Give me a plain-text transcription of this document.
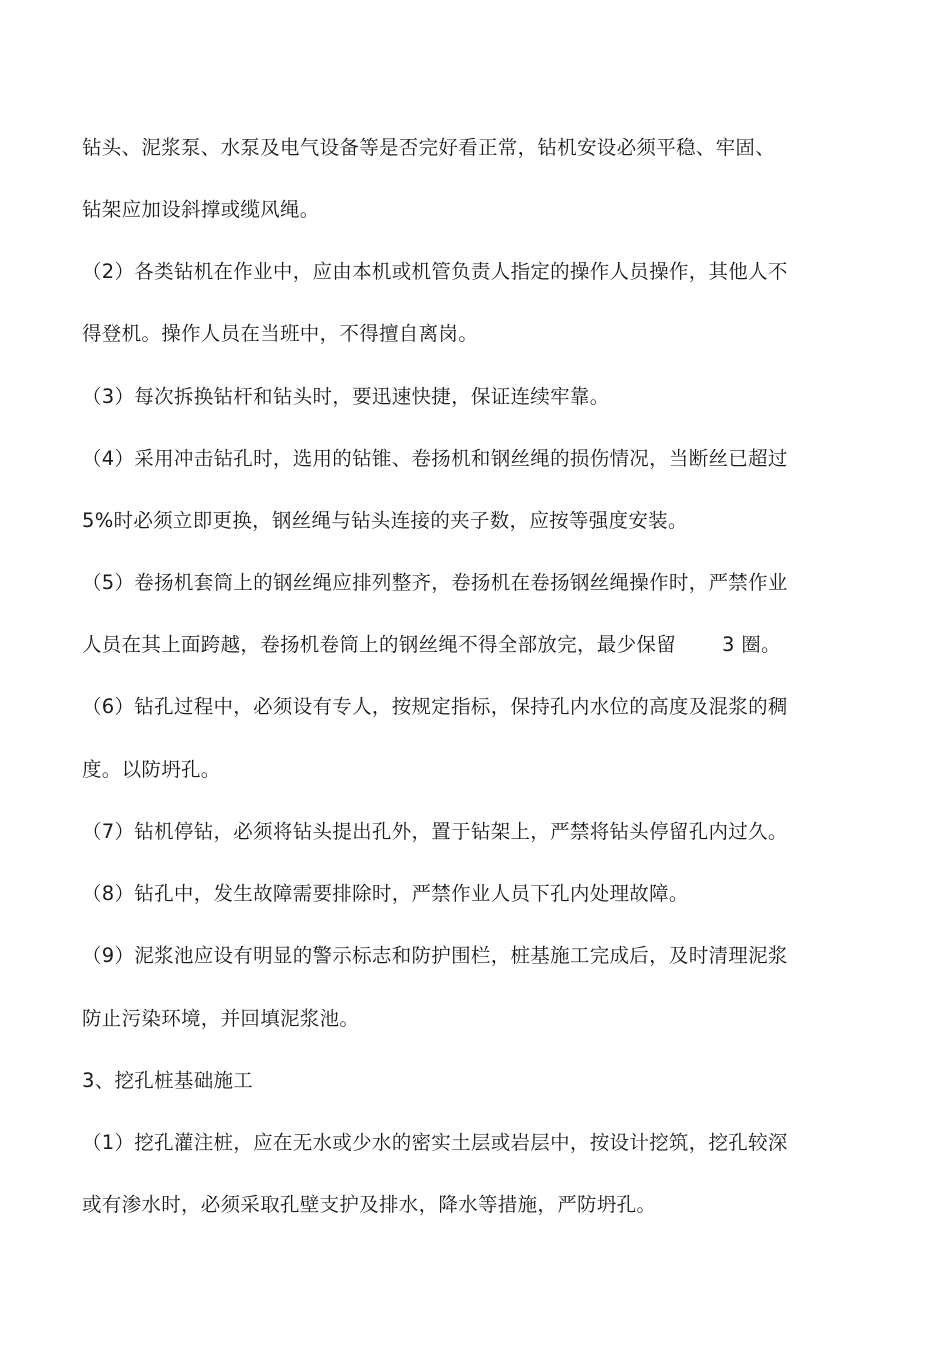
钻头、泥浆泵、水泵及电气设备等是否完好看正常，钻机安设必须平稳、牢固、
钻架应加设斜撑或缆风绳。
（2）各类钻机在作业中，应由本机或机管负责人指定的操作人员操作，其他人不
得登机。操作人员在当班中，不得擅自离岗。
（3）每次拆换钻杆和钻头时，要迅速快捷，保证连续牢靠。
（4）采用冲击钻孔时，选用的钻锥、卷扬机和钢丝绳的损伤情况，当断丝已超过
5%时必须立即更换，钢丝绳与钻头连接的夹子数，应按等强度安装。
（5）卷扬机套筒上的钢丝绳应排列整齐，卷扬机在卷扬钢丝绳操作时，严禁作业
人员在其上面跨越，卷扬机卷筒上的钢丝绳不得全部放完，最少保留 3 圈。
（6）钻孔过程中，必须设有专人，按规定指标，保持孔内水位的高度及混浆的稠
度。以防坍孔。
（7）钻机停钻，必须将钻头提出孔外，置于钻架上，严禁将钻头停留孔内过久。
（8）钻孔中，发生故障需要排除时，严禁作业人员下孔内处理故障。
（9）泥浆池应设有明显的警示标志和防护围栏，桩基施工完成后，及时清理泥浆
防止污染环境，并回填泥浆池。
3、挖孔桩基础施工
（1）挖孔灌注桩，应在无水或少水的密实土层或岩层中，按设计挖筑，挖孔较深
或有渗水时，必须采取孔壁支护及排水，降水等措施，严防坍孔。
